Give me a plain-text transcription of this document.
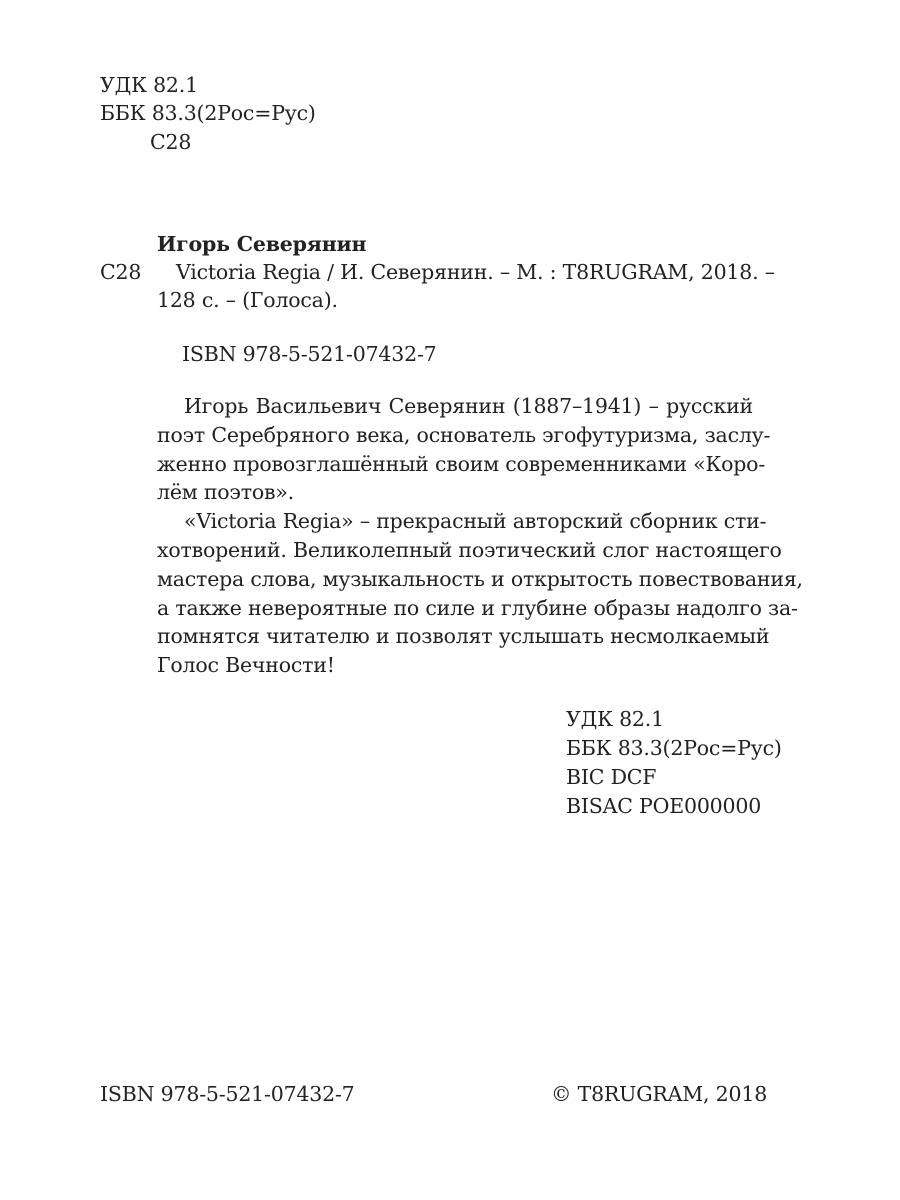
УДК 82.1
ББК 83.3(2Рос=Рус)
С28
Игорь Северянин
С28 Victoria Regia / И. Северянин. – М. : T8RUGRAM, 2018. –
128 с. – (Голоса).
ISBN 978-5-521-07432-7
Игорь Васильевич Северянин (1887–1941) – русский
поэт Серебряного века, основатель эгофутуризма, заслу-
женно провозглашённый своим современниками «Коро-
лём поэтов».
«Victoria Regia» – прекрасный авторский сборник сти-
хотворений. Великолепный поэтический слог настоящего
мастера слова, музыкальность и открытость повествования,
а также невероятные по силе и глубине образы надолго за-
помнятся читателю и позволят услышать несмолкаемый
Голос Вечности!
УДК 82.1
ББК 83.3(2Рос=Рус)
BIC DCF
BISAC POE000000
ISBN 978-5-521-07432-7	© T8RUGRAM, 2018
